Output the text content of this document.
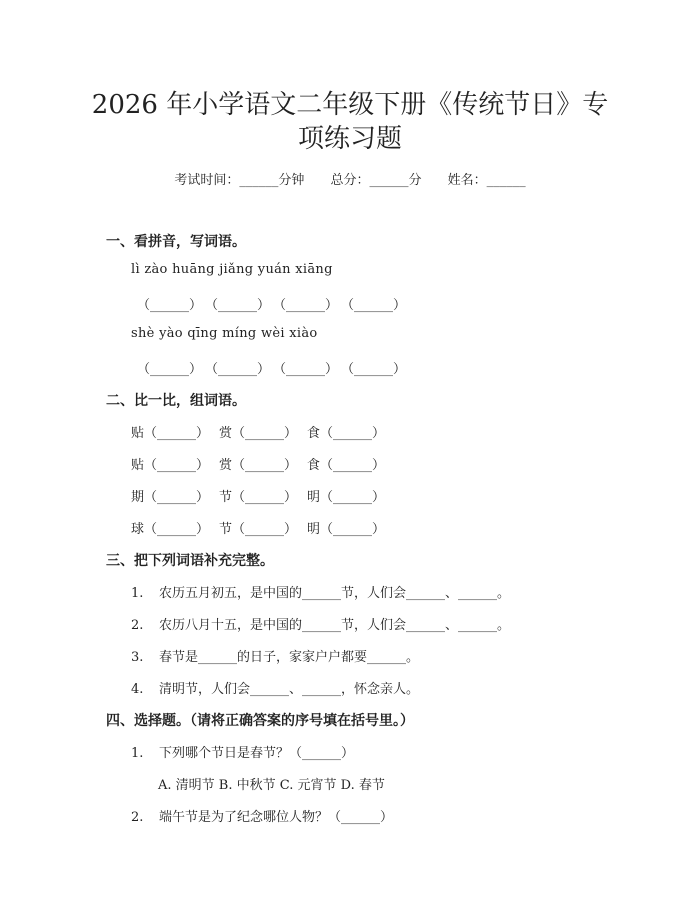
2026 年小学语文二年级下册《传统节日》专
项练习题
考试时间：______分钟 总分：______分 姓名：______
一、看拼音，写词语。
lì zào huāng jiǎng yuán xiāng
（______） （______） （______） （______）
shè yào qīng míng wèi xiào
（______） （______） （______） （______）
二、比一比，组词语。
贴（______） 赏（______） 食（______）
贴（______） 赏（______） 食（______）
期（______） 节（______） 明（______）
球（______） 节（______） 明（______）
三、把下列词语补充完整。
1. 农历五月初五，是中国的______节，人们会______、______。
2. 农历八月十五，是中国的______节，人们会______、______。
3. 春节是______的日子，家家户户都要______。
4. 清明节，人们会______、______，怀念亲人。
四、选择题。（请将正确答案的序号填在括号里。）
1. 下列哪个节日是春节？（______）
A. 清明节 B. 中秋节 C. 元宵节 D. 春节
2. 端午节是为了纪念哪位人物？（______）
